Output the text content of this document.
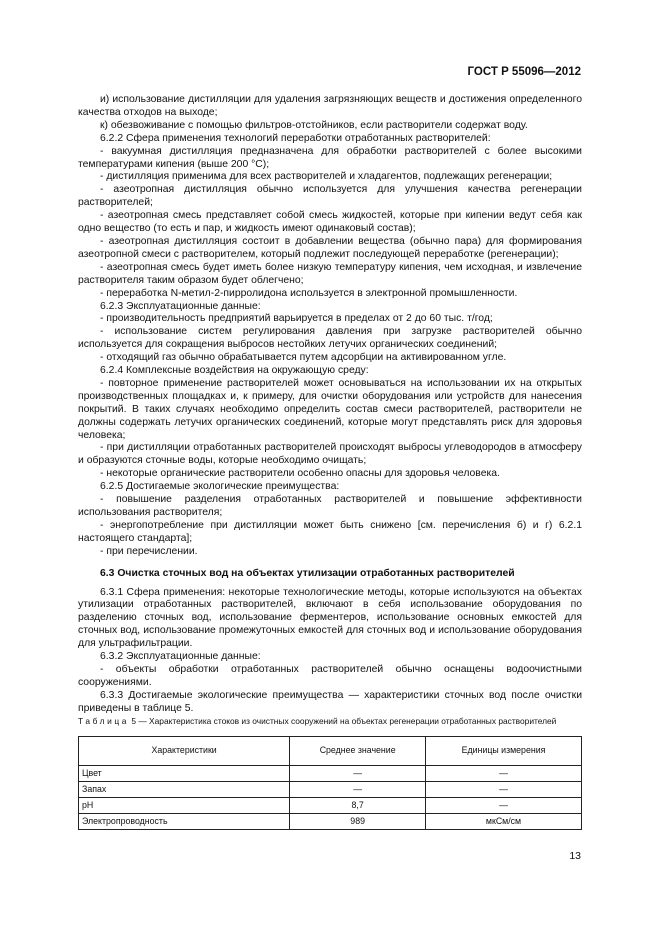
ГОСТ Р 55096—2012

и) использование дистилляции для удаления загрязняющих веществ и достижения определенного качества отходов на выходе;

к) обезвоживание с помощью фильтров-отстойников, если растворители содержат воду.

6.2.2 Сфера применения технологий переработки отработанных растворителей:

- вакуумная дистилляция предназначена для обработки растворителей с более высокими температурами кипения (выше 200 °C);

- дистилляция применима для всех растворителей и хладагентов, подлежащих регенерации;

- азеотропная дистилляция обычно используется для улучшения качества регенерации растворителей;

- азеотропная смесь представляет собой смесь жидкостей, которые при кипении ведут себя как одно вещество (то есть и пар, и жидкость имеют одинаковый состав);

- азеотропная дистилляция состоит в добавлении вещества (обычно пара) для формирования азеотропной смеси с растворителем, который подлежит последующей переработке (регенерации);

- азеотропная смесь будет иметь более низкую температуру кипения, чем исходная, и извлечение растворителя таким образом будет облегчено;

- переработка N-метил-2-пирролидона используется в электронной промышленности.

6.2.3 Эксплуатационные данные:

- производительность предприятий варьируется в пределах от 2 до 60 тыс. т/год;

- использование систем регулирования давления при загрузке растворителей обычно используется для сокращения выбросов нестойких летучих органических соединений;

- отходящий газ обычно обрабатывается путем адсорбции на активированном угле.

6.2.4 Комплексные воздействия на окружающую среду:

- повторное применение растворителей может основываться на использовании их на открытых производственных площадках и, к примеру, для очистки оборудования или устройств для нанесения покрытий. В таких случаях необходимо определить состав смеси растворителей, растворители не должны содержать летучих органических соединений, которые могут представлять риск для здоровья человека;

- при дистилляции отработанных растворителей происходят выбросы углеводородов в атмосферу и образуются сточные воды, которые необходимо очищать;

- некоторые органические растворители особенно опасны для здоровья человека.

6.2.5 Достигаемые экологические преимущества:

- повышение разделения отработанных растворителей и повышение эффективности использования растворителя;

- энергопотребление при дистилляции может быть снижено [см. перечисления б) и г) 6.2.1 настоящего стандарта];

- при перечислении.

6.3 Очистка сточных вод на объектах утилизации отработанных растворителей

6.3.1 Сфера применения: некоторые технологические методы, которые используются на объектах утилизации отработанных растворителей, включают в себя использование оборудования по разделению сточных вод, использование ферментеров, использование основных емкостей для сточных вод, использование промежуточных емкостей для сточных вод и использование оборудования для ультрафильтрации.

6.3.2 Эксплуатационные данные:

- объекты обработки отработанных растворителей обычно оснащены водоочистными сооружениями.

6.3.3 Достигаемые экологические преимущества — характеристики сточных вод после очистки приведены в таблице 5.

Таблица 5 — Характеристика стоков из очистных сооружений на объектах регенерации отработанных растворителей

Характеристики	Среднее значение	Единицы измерения
Цвет	—	—
Запах	—	—
pH	8,7	—
Электропроводность	989	мкСм/см
13
